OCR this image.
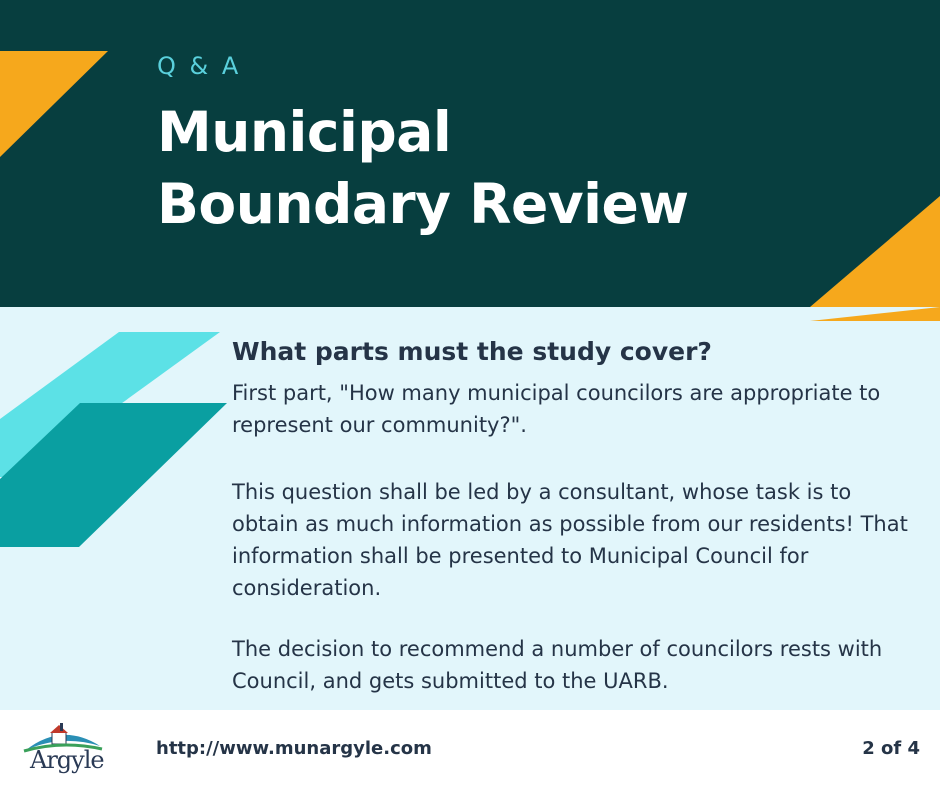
Q & A
Municipal
Boundary Review
What parts must the study cover?

First part, "How many municipal councilors are appropriate to represent our community?".

This question shall be led by a consultant, whose task is to obtain as much information as possible from our residents! That information shall be presented to Municipal Council for consideration.

The decision to recommend a number of councilors rests with Council, and gets submitted to the UARB.

Argyle	http://www.munargyle.com	2 of 4
